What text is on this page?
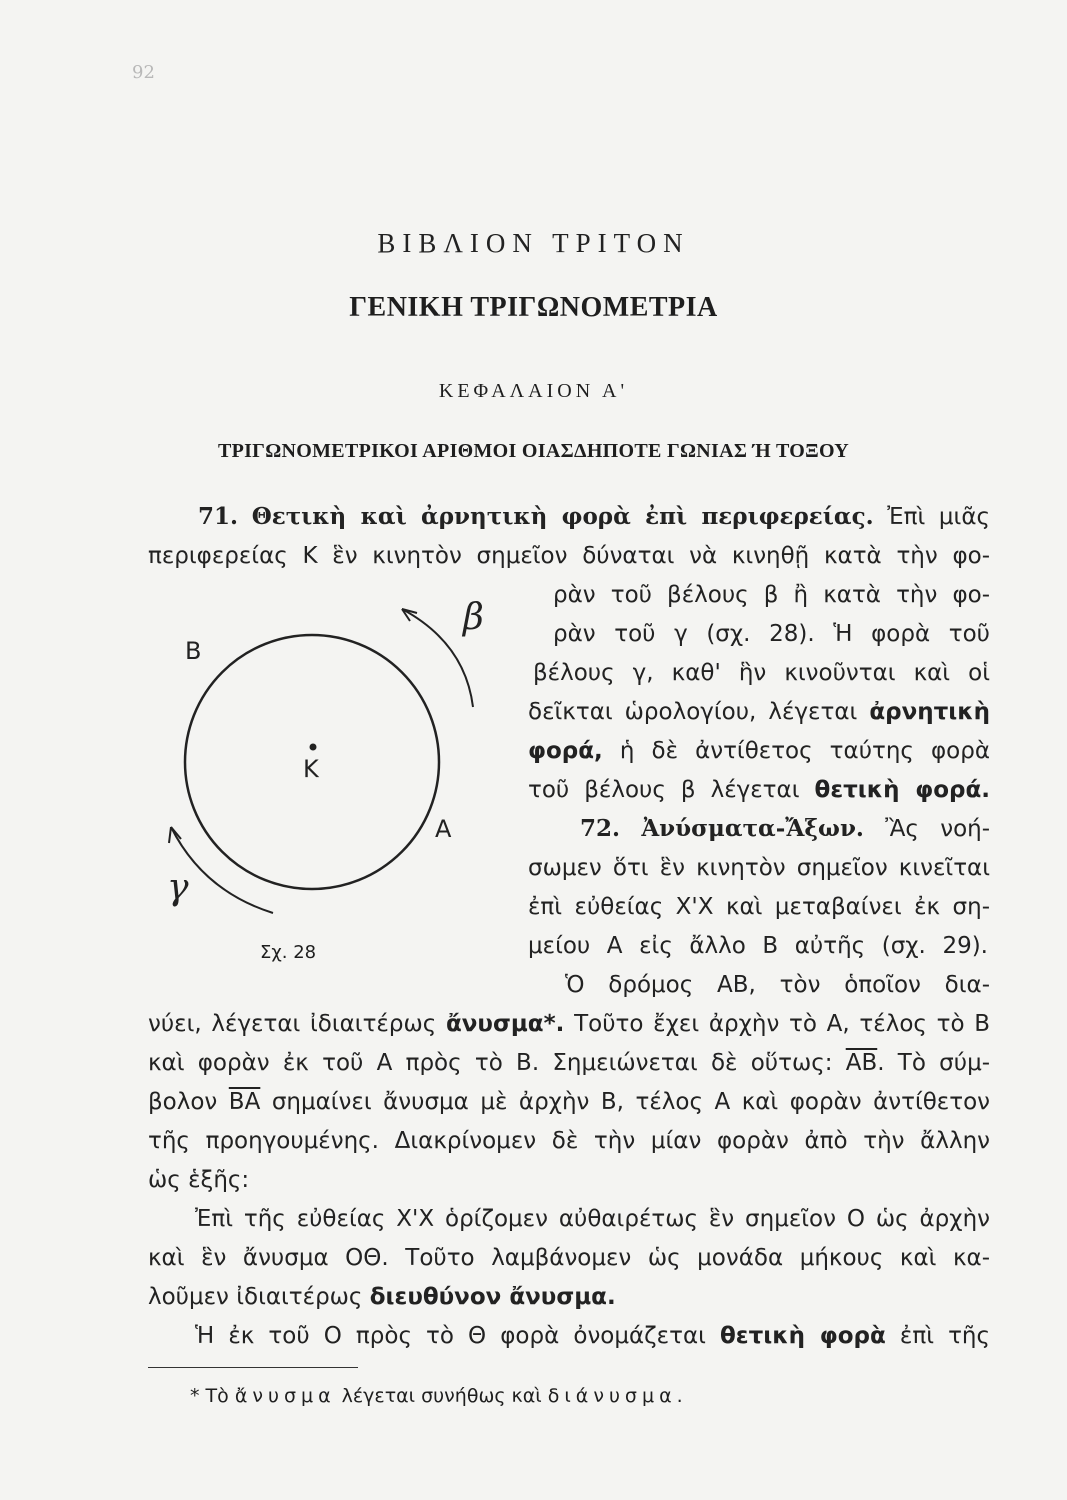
92
ΒΙΒΛΙΟΝ ΤΡΙΤΟΝ
ΓΕΝΙΚΗ ΤΡΙΓΩΝΟΜΕΤΡΙΑ
ΚΕΦΑΛΑΙΟΝ Α'
ΤΡΙΓΩΝΟΜΕΤΡΙΚΟΙ ΑΡΙΘΜΟΙ ΟΙΑΣΔΗΠΟΤΕ ΓΩΝΙΑΣ Ή ΤΟΞΟΥ
71. Θετικὴ καὶ ἀρνητικὴ φορὰ ἐπὶ περιφερείας. Ἐπὶ μιᾶς
περιφερείας Κ ἓν κινητὸν σημεῖον δύναται νὰ κινηθῇ κατὰ τὴν φο-
ρὰν τοῦ βέλους β ἢ κατὰ τὴν φο-
ρὰν τοῦ γ (σχ. 28). Ἡ φορὰ τοῦ
βέλους γ, καθ' ἣν κινοῦνται καὶ οἱ
δεῖκται ὡρολογίου, λέγεται ἀρνητικὴ
φορά, ἡ δὲ ἀντίθετος ταύτης φορὰ
τοῦ βέλους β λέγεται θετικὴ φορά.
Β
Κ
Α
β
γ
Σχ. 28
72. Ἀνύσματα-Ἄξων. Ἂς νοή-
σωμεν ὅτι ἓν κινητὸν σημεῖον κινεῖται
ἐπὶ εὐθείας Χ'Χ καὶ μεταβαίνει ἐκ ση-
μείου Α εἰς ἄλλο Β αὐτῆς (σχ. 29).
Ὁ δρόμος ΑΒ, τὸν ὁποῖον δια-
νύει, λέγεται ἰδιαιτέρως ἄνυσμα*. Τοῦτο ἔχει ἀρχὴν τὸ Α, τέλος τὸ Β
καὶ φορὰν ἐκ τοῦ Α πρὸς τὸ Β. Σημειώνεται δὲ οὕτως: $\overline{AB}$. Τὸ σύμ-
βολον $\overline{BA}$ σημαίνει ἄνυσμα μὲ ἀρχὴν Β, τέλος Α καὶ φορὰν ἀντίθετον
τῆς προηγουμένης. Διακρίνομεν δὲ τὴν μίαν φορὰν ἀπὸ τὴν ἄλλην
ὡς ἑξῆς:
Ἐπὶ τῆς εὐθείας Χ'Χ ὁρίζομεν αὐθαιρέτως ἓν σημεῖον Ο ὡς ἀρχὴν
καὶ ἓν ἄνυσμα ΟΘ. Τοῦτο λαμβάνομεν ὡς μονάδα μήκους καὶ κα-
λοῦμεν ἰδιαιτέρως διευθύνον ἄνυσμα.
Ἡ ἐκ τοῦ Ο πρὸς τὸ Θ φορὰ ὀνομάζεται θετικὴ φορὰ ἐπὶ τῆς
* Τὸ ἄνυσμα λέγεται συνήθως καὶ διάνυσμα.
